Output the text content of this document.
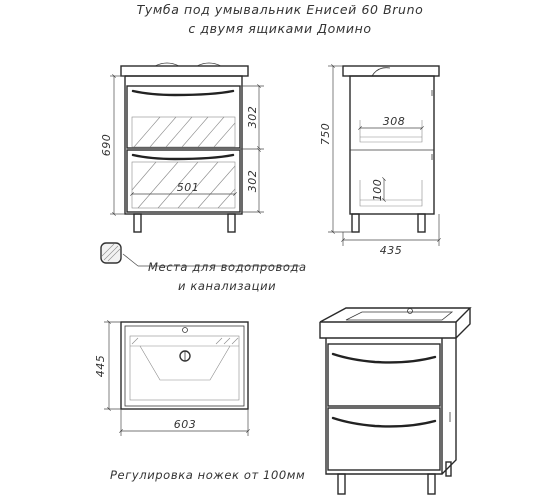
Тумба под умывальник Енисей 60 Bruno
с двумя ящиками Домино
690
302
302
501
750
308
100
435
Места для водопровода
и канализации
445
603
Регулировка ножек от 100мм
